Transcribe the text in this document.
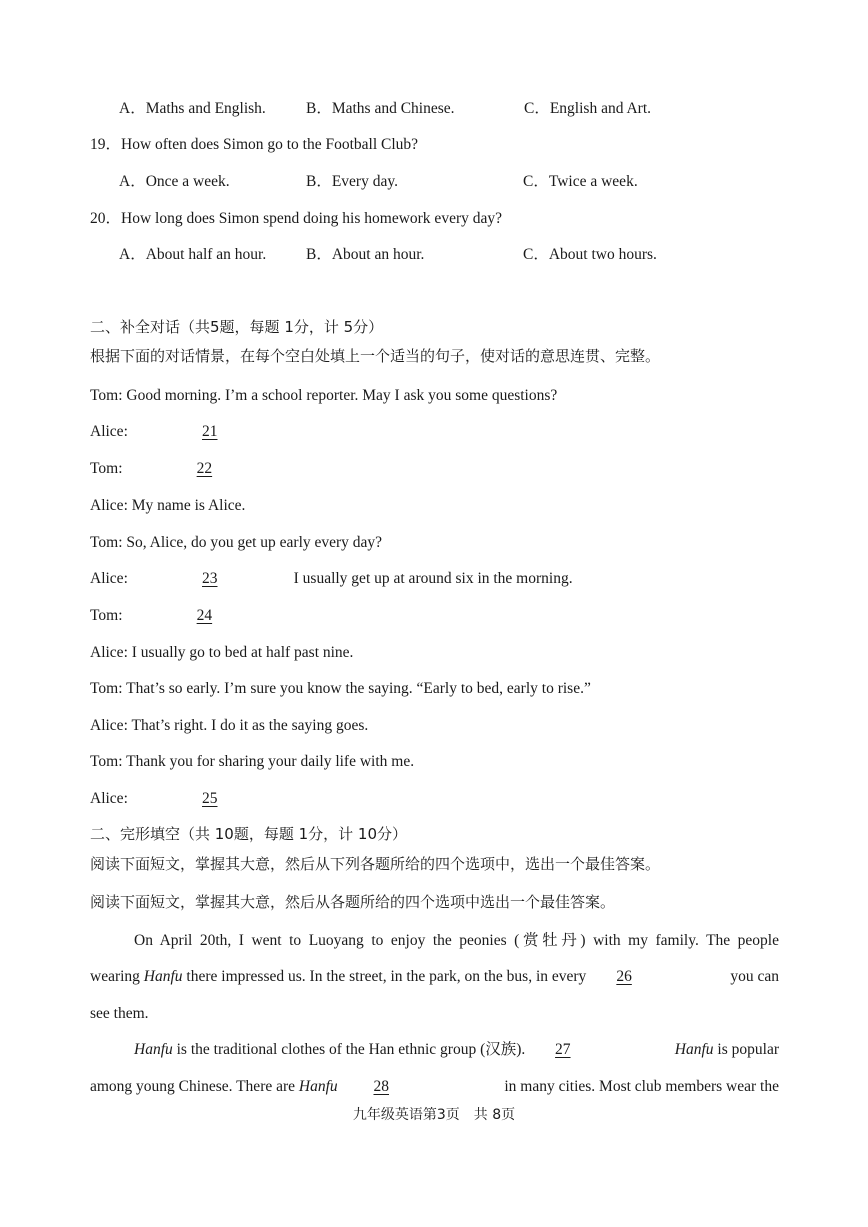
A．Maths and English.	B．Maths and Chinese.	C．English and Art.
19．How often does Simon go to the Football Club?
A．Once a week.	B．Every day.	C．Twice a week.
20．How long does Simon spend doing his homework every day?
A．About half an hour.	B．About an hour.	C．About two hours.
二、补全对话（共5题，每题 1分，计 5分）
根据下面的对话情景，在每个空白处填上一个适当的句子，使对话的意思连贯、完整。
Tom: Good morning. I’m a school reporter. May I ask you some questions?
Alice:	21
Tom:	22
Alice: My name is Alice.
Tom: So, Alice, do you get up early every day?
Alice:	23	I usually get up at around six in the morning.
Tom:	24
Alice: I usually go to bed at half past nine.
Tom: That’s so early. I’m sure you know the saying. “Early to bed, early to rise.”
Alice: That’s right. I do it as the saying goes.
Tom: Thank you for sharing your daily life with me.
Alice:	25
二、完形填空（共 10题，每题 1分，计 10分）
阅读下面短文，掌握其大意，然后从下列各题所给的四个选项中，选出一个最佳答案。
阅读下面短文，掌握其大意，然后从各题所给的四个选项中选出一个最佳答案。
On April 20th, I went to Luoyang to enjoy the peonies (赏牡丹) with my family. The people
wearing Hanfu there impressed us. In the street, in the park, on the bus, in every 26	you can
see them.
Hanfu is the traditional clothes of the Han ethnic group (汉族). 27	Hanfu is popular
among young Chinese. There are Hanfu 28	in many cities. Most club members wear the
九年级英语第3页　共 8页
